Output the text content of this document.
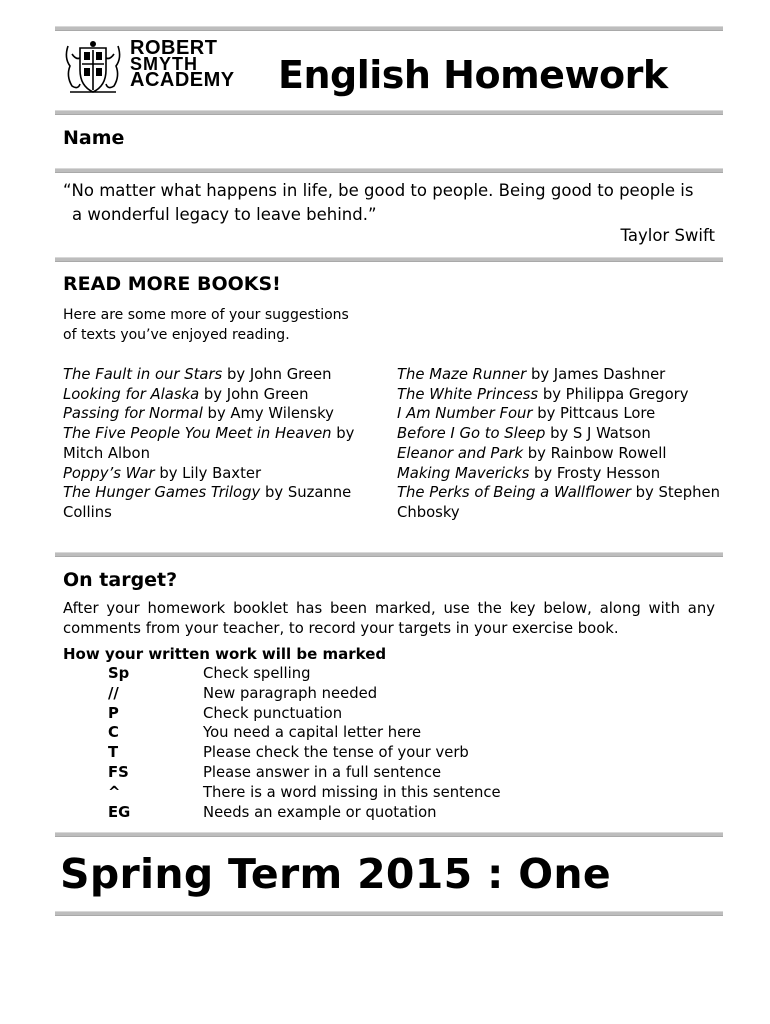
ROBERT
SMYTH
ACADEMY English Homework
Name
“No matter what happens in life, be good to people. Being good to people is
a wonderful legacy to leave behind.”
Taylor Swift
READ MORE BOOKS!
Here are some more of your suggestions
of texts you’ve enjoyed reading.
The Fault in our Stars by John Green
Looking for Alaska by John Green
Passing for Normal by Amy Wilensky
The Five People You Meet in Heaven by Mitch Albon
Poppy’s War by Lily Baxter
The Hunger Games Trilogy by Suzanne Collins
The Maze Runner by James Dashner
The White Princess by Philippa Gregory
I Am Number Four by Pittcaus Lore
Before I Go to Sleep by S J Watson
Eleanor and Park by Rainbow Rowell
Making Mavericks by Frosty Hesson
The Perks of Being a Wallflower by Stephen Chbosky
On target?
After your homework booklet has been marked, use the key below, along with any comments from your teacher, to record your targets in your exercise book.
How your written work will be marked
Sp	Check spelling
//	New paragraph needed
P	Check punctuation
C	You need a capital letter here
T	Please check the tense of your verb
FS	Please answer in a full sentence
^	There is a word missing in this sentence
EG	Needs an example or quotation
Spring Term 2015 : One
